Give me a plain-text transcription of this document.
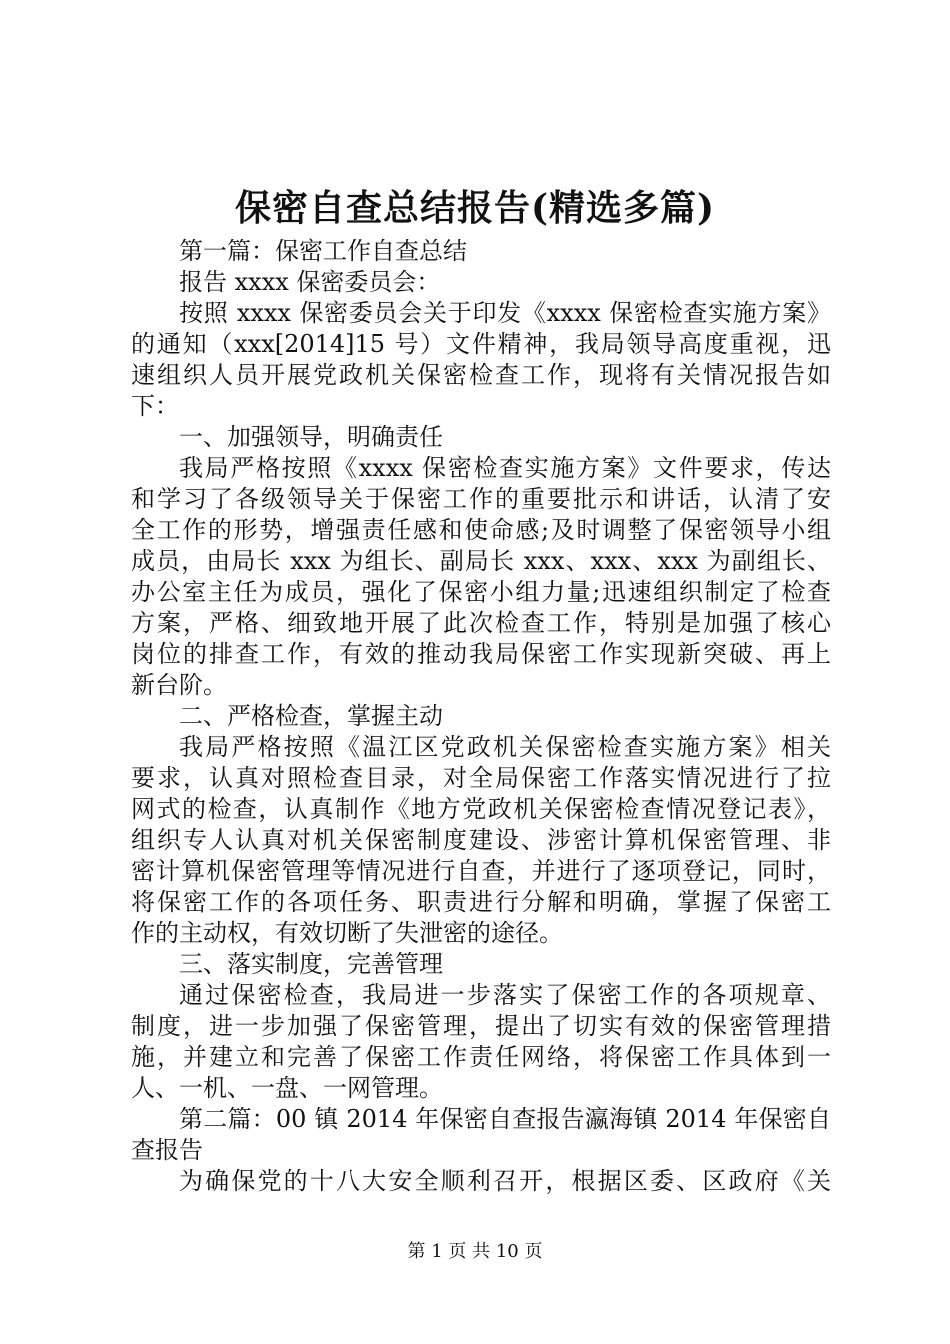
保密自查总结报告(精选多篇)
第一篇：保密工作自查总结
报告 xxxx 保密委员会：
按照 xxxx 保密委员会关于印发《xxxx 保密检查实施方案》
的通知（xxx[2014]15 号）文件精神，我局领导高度重视，迅
速组织人员开展党政机关保密检查工作，现将有关情况报告如
下：
一、加强领导，明确责任
我局严格按照《xxxx 保密检查实施方案》文件要求，传达
和学习了各级领导关于保密工作的重要批示和讲话，认清了安
全工作的形势，增强责任感和使命感;及时调整了保密领导小组
成员，由局长 xxx 为组长、副局长 xxx、xxx、xxx 为副组长、
办公室主任为成员，强化了保密小组力量;迅速组织制定了检查
方案，严格、细致地开展了此次检查工作，特别是加强了核心
岗位的排查工作，有效的推动我局保密工作实现新突破、再上
新台阶。
二、严格检查，掌握主动
我局严格按照《温江区党政机关保密检查实施方案》相关
要求，认真对照检查目录，对全局保密工作落实情况进行了拉
网式的检查，认真制作《地方党政机关保密检查情况登记表》，
组织专人认真对机关保密制度建设、涉密计算机保密管理、非
密计算机保密管理等情况进行自查，并进行了逐项登记，同时，
将保密工作的各项任务、职责进行分解和明确，掌握了保密工
作的主动权，有效切断了失泄密的途径。
三、落实制度，完善管理
通过保密检查，我局进一步落实了保密工作的各项规章、
制度，进一步加强了保密管理，提出了切实有效的保密管理措
施，并建立和完善了保密工作责任网络，将保密工作具体到一
人、一机、一盘、一网管理。
第二篇：00 镇 2014 年保密自查报告瀛海镇 2014 年保密自
查报告
为确保党的十八大安全顺利召开，根据区委、区政府《关
第 1 页 共 10 页
